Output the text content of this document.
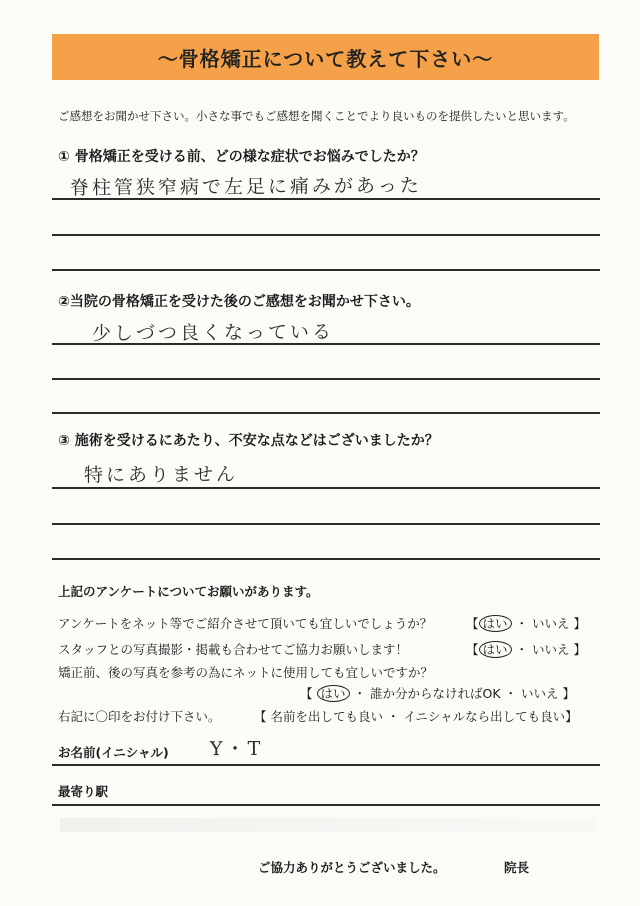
～骨格矯正について教えて下さい～
ご感想をお聞かせ下さい。小さな事でもご感想を聞くことでより良いものを提供したいと思います。
① 骨格矯正を受ける前、どの様な症状でお悩みでしたか？
脊柱管狭窄病で左足に痛みがあった
②当院の骨格矯正を受けた後のご感想をお聞かせ下さい。
少しづつ良くなっている
③ 施術を受けるにあたり、不安な点などはございましたか？
特にありません
上記のアンケートについてお願いがあります。
アンケートをネット等でご紹介させて頂いても宜しいでしょうか？	【 はい ・ いいえ 】
スタッフとの写真撮影・掲載も合わせてご協力お願いします！	【 はい ・ いいえ 】
矯正前、後の写真を参考の為にネットに使用しても宜しいですか？
【 はい ・ 誰か分からなければOK ・ いいえ 】
右記に〇印をお付け下さい。	【 名前を出しても良い ・ イニシャルなら出しても良い】
お名前(イニシャル) Y・T
最寄り駅
ご協力ありがとうございました。	院長
